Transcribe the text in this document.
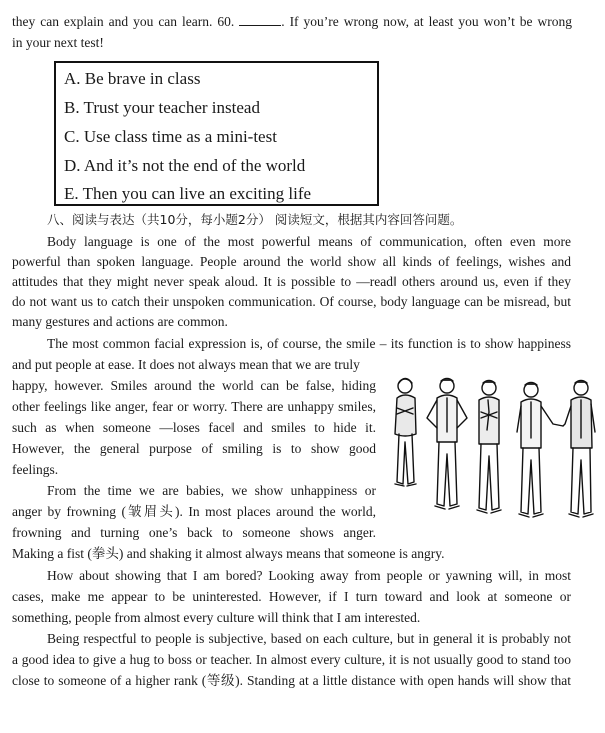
they can explain and you can learn. 60.	. If you’re wrong now, at least you won’t be wrong
in your next test!
A. Be brave in class
B. Trust your teacher instead
C. Use class time as a mini-test
D. And it’s not the end of the world
E. Then you can live an exciting life
八、阅读与表达（共10分，每小题2分） 阅读短文，根据其内容回答问题。
Body language is one of the most powerful means of communication, often even more
powerful than spoken language. People around the world show all kinds of feelings, wishes and
attitudes that they might never speak aloud. It is possible to ―read‖ others around us, even if they
do not want us to catch their unspoken communication. Of course, body language can be misread, but
many gestures and actions are common.
The most common facial expression is, of course, the smile – its function is to show happiness
and put people at ease. It does not always mean that we are truly
happy, however. Smiles around the world can be false, hiding
other feelings like anger, fear or worry. There are unhappy smiles,
such as when someone ―loses face‖ and smiles to hide it.
However, the general purpose of smiling is to show good
feelings.
From the time we are babies, we show unhappiness or
anger by frowning (皱眉头). In most places around the world,
frowning and turning one’s back to someone shows anger.
Making a fist (拳头) and shaking it almost always means that someone is angry.
How about showing that I am bored? Looking away from people or yawning will, in most
cases, make me appear to be uninterested. However, if I turn toward and look at someone or
something, people from almost every culture will think that I am interested.
Being respectful to people is subjective, based on each culture, but in general it is probably not
a good idea to give a hug to boss or teacher. In almost every culture, it is not usually good to stand too
close to someone of a higher rank (等级). Standing at a little distance with open hands will show that
